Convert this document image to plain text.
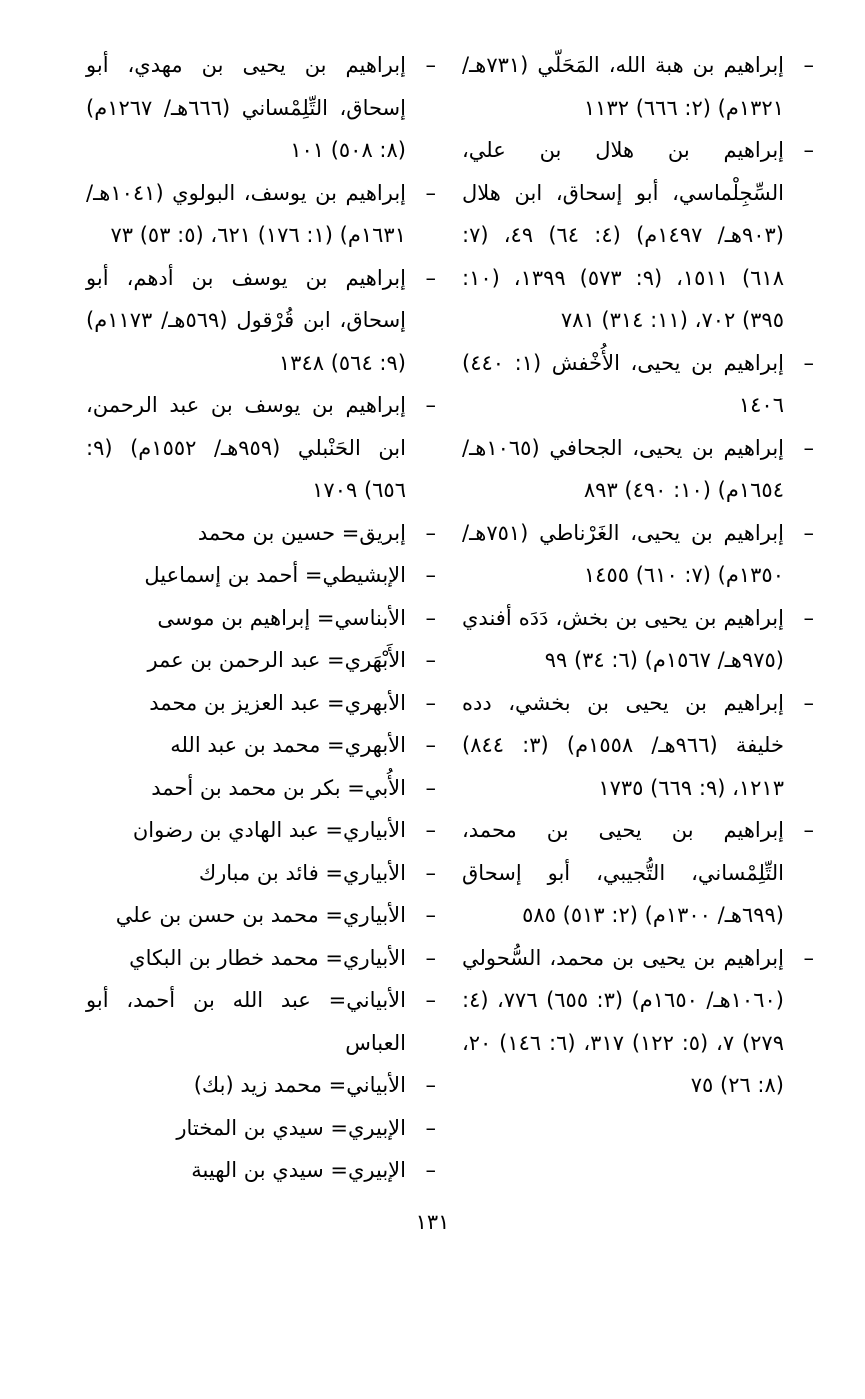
– إبراهيم بن هبة الله، المَحَلّي (٧٣١هـ/ ١٣٢١م) (٢: ٦٦٦) ١١٣٢
– إبراهيم بن هلال بن علي، السِّجِلْماسي، أبو إسحاق، ابن هلال (٩٠٣هـ/ ١٤٩٧م) (٤: ٦٤) ٤٩، (٧: ٦١٨) ١٥١١، (٩: ٥٧٣) ١٣٩٩، (١٠: ٣٩٥) ٧٠٢، (١١: ٣١٤) ٧٨١
– إبراهيم بن يحيى، الأُخْفش (١: ٤٤٠) ١٤٠٦
– إبراهيم بن يحيى، الجحافي (١٠٦٥هـ/ ١٦٥٤م) (١٠: ٤٩٠) ٨٩٣
– إبراهيم بن يحيى، الغَرْناطي (٧٥١هـ/ ١٣٥٠م) (٧: ٦١٠) ١٤٥٥
– إبراهيم بن يحيى بن بخش، دَدَه أفندي (٩٧٥هـ/ ١٥٦٧م) (٦: ٣٤) ٩٩
– إبراهيم بن يحيى بن بخشي، دده خليفة (٩٦٦هـ/ ١٥٥٨م) (٣: ٨٤٤) ١٢١٣، (٩: ٦٦٩) ١٧٣٥
– إبراهيم بن يحيى بن محمد، التِّلِمْساني، التُّجيبي، أبو إسحاق (٦٩٩هـ/ ١٣٠٠م) (٢: ٥١٣) ٥٨٥
– إبراهيم بن يحيى بن محمد، السُّحولي (١٠٦٠هـ/ ١٦٥٠م) (٣: ٦٥٥) ٧٧٦، (٤: ٢٧٩) ٧، (٥: ١٢٢) ٣١٧، (٦: ١٤٦) ٢٠، (٨: ٢٦) ٧٥
– إبراهيم بن يحيى بن مهدي، أبو إسحاق، التِّلِمْساني (٦٦٦هـ/ ١٢٦٧م) (٨: ٥٠٨) ١٠١
– إبراهيم بن يوسف، البولوي (١٠٤١هـ/ ١٦٣١م) (١: ١٧٦) ٦٢١، (٥: ٥٣) ٧٣
– إبراهيم بن يوسف بن أدهم، أبو إسحاق، ابن قُرْقول (٥٦٩هـ/ ١١٧٣م) (٩: ٥٦٤) ١٣٤٨
– إبراهيم بن يوسف بن عبد الرحمن، ابن الحَنْبلي (٩٥٩هـ/ ١٥٥٢م) (٩: ٦٥٦) ١٧٠٩
– إبريق= حسين بن محمد
– الإبشيطي= أحمد بن إسماعيل
– الأبناسي= إبراهيم بن موسى
– الأَبْهَري= عبد الرحمن بن عمر
– الأبهري= عبد العزيز بن محمد
– الأبهري= محمد بن عبد الله
– الأُبي= بكر بن محمد بن أحمد
– الأبياري= عبد الهادي بن رضوان
– الأبياري= فائد بن مبارك
– الأبياري= محمد بن حسن بن علي
– الأبياري= محمد خطار بن البكاي
– الأبياني= عبد الله بن أحمد، أبو العباس
– الأبياني= محمد زيد (بك)
– الإبيري= سيدي بن المختار
– الإبيري= سيدي بن الهيبة
١٣١
